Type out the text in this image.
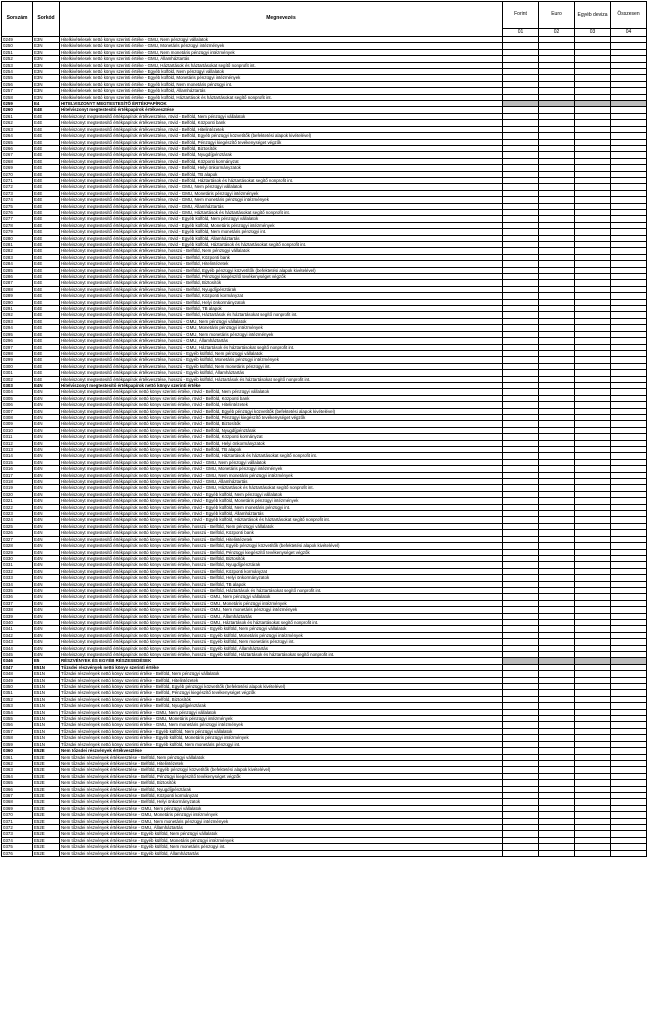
Sorszám	Sorkód	Megnevezés	Forint	Euro	Egyéb deviza	Összesen
			01	02	03	04
0249	E3N	Hitelkivételesek nettó könyv szerinti értéke - GMU, Nem pénzügyi vállalatok				
0250	E3N	Hitelkivételesek nettó könyv szerinti értéke - GMU, Monetáris pénzügyi intézmények				
0251	E3N	Hitelkivételesek nettó könyv szerinti értéke - GMU, Nem monetáris pénzügyi intézmények				
0252	E3N	Hitelkivételesek nettó könyv szerinti értéke - GMU, Államháztartás				
0253	E3N	Hitelkivételesek nettó könyv szerinti értéke - GMU, Háztartások és háztartásokat segítő nonprofit int.				
0254	E3N	Hitelkivételesek nettó könyv szerinti értéke - Egyéb külföld, Nem pénzügyi vállalatok				
0255	E3N	Hitelkivételesek nettó könyv szerinti értéke - Egyéb külföld, Monetáris pénzügyi intézmények				
0256	E3N	Hitelkivételesek nettó könyv szerinti értéke - Egyéb külföld, Nem monetáris pénzügyi int.				
0257	E3N	Hitelkivételesek nettó könyv szerinti értéke - Egyéb külföld, Államháztartás				
0258	E3N	Hitelkivételesek nettó könyv szerinti értéke - Egyéb külföld, Háztartások és háztartásokat segítő nonprofit int.				
0259	E4	HITELVISZONYT MEGTESTESÍTŐ ÉRTÉKPAPÍROK				
0260	E4E	Hitelviszonyt megtestesítő értékpapírok értékvesztése				
0261	E4E	Hitelviszonyt megtestesítő értékpapírok értékvesztése, rövid - Belföld, Nem pénzügyi vállalatok				
0262	E4E	Hitelviszonyt megtestesítő értékpapírok értékvesztése, rövid - Belföld, Központi bank				
0263	E4E	Hitelviszonyt megtestesítő értékpapírok értékvesztése, rövid - Belföld, Hitelintézetek				
0264	E4E	Hitelviszonyt megtestesítő értékpapírok értékvesztése, rövid - Belföld, Egyéb pénzügyi közvetítők (befektetési alapok kivételével)				
0265	E4E	Hitelviszonyt megtestesítő értékpapírok értékvesztése, rövid - Belföld, Pénzügyi kiegészítő tevékenységet végzők				
0266	E4E	Hitelviszonyt megtestesítő értékpapírok értékvesztése, rövid - Belföld, Biztosítók				
0267	E4E	Hitelviszonyt megtestesítő értékpapírok értékvesztése, rövid - Belföld, Nyugdíjpénztárak				
0268	E4E	Hitelviszonyt megtestesítő értékpapírok értékvesztése, rövid - Belföld, Központi kormányzat				
0269	E4E	Hitelviszonyt megtestesítő értékpapírok értékvesztése, rövid - Belföld, Helyi önkormányzatok				
0270	E4E	Hitelviszonyt megtestesítő értékpapírok értékvesztése, rövid - Belföld, TB alapok				
0271	E4E	Hitelviszonyt megtestesítő értékpapírok értékvesztése, rövid - Belföld, Háztartások és háztartásokat segítő nonprofit int.				
0272	E4E	Hitelviszonyt megtestesítő értékpapírok értékvesztése, rövid - GMU, Nem pénzügyi vállalatok				
0273	E4E	Hitelviszonyt megtestesítő értékpapírok értékvesztése, rövid - GMU, Monetáris pénzügyi intézmények				
0274	E4E	Hitelviszonyt megtestesítő értékpapírok értékvesztése, rövid - GMU, Nem monetáris pénzügyi intézmények				
0275	E4E	Hitelviszonyt megtestesítő értékpapírok értékvesztése, rövid - GMU, Államháztartás				
0276	E4E	Hitelviszonyt megtestesítő értékpapírok értékvesztése, rövid - GMU, Háztartások és háztartásokat segítő nonprofit int.				
0277	E4E	Hitelviszonyt megtestesítő értékpapírok értékvesztése, rövid - Egyéb külföld, Nem pénzügyi vállalatok				
0278	E4E	Hitelviszonyt megtestesítő értékpapírok értékvesztése, rövid - Egyéb külföld, Monetáris pénzügyi intézmények				
0279	E4E	Hitelviszonyt megtestesítő értékpapírok értékvesztése, rövid - Egyéb külföld, Nem monetáris pénzügyi int.				
0280	E4E	Hitelviszonyt megtestesítő értékpapírok értékvesztése, rövid - Egyéb külföld, Államháztartás				
0281	E4E	Hitelviszonyt megtestesítő értékpapírok értékvesztése, rövid - Egyéb külföld, Háztartások és háztartásokat segítő nonprofit int.				
0282	E4E	Hitelviszonyt megtestesítő értékpapírok értékvesztése, hosszú - Belföld, Nem pénzügyi vállalatok				
0283	E4E	Hitelviszonyt megtestesítő értékpapírok értékvesztése, hosszú - Belföld, Központi bank				
0284	E4E	Hitelviszonyt megtestesítő értékpapírok értékvesztése, hosszú - Belföld, Hitelintézetek				
0285	E4E	Hitelviszonyt megtestesítő értékpapírok értékvesztése, hosszú - Belföld, Egyéb pénzügyi közvetítők (befektetési alapok kivételével)				
0286	E4E	Hitelviszonyt megtestesítő értékpapírok értékvesztése, hosszú - Belföld, Pénzügyi kiegészítő tevékenységet végzők				
0287	E4E	Hitelviszonyt megtestesítő értékpapírok értékvesztése, hosszú - Belföld, Biztosítók				
0288	E4E	Hitelviszonyt megtestesítő értékpapírok értékvesztése, hosszú - Belföld, Nyugdíjpénztárak				
0289	E4E	Hitelviszonyt megtestesítő értékpapírok értékvesztése, hosszú - Belföld, Központi kormányzat				
0290	E4E	Hitelviszonyt megtestesítő értékpapírok értékvesztése, hosszú - Belföld, Helyi önkormányzatok				
0291	E4E	Hitelviszonyt megtestesítő értékpapírok értékvesztése, hosszú - Belföld, TB alapok				
0292	E4E	Hitelviszonyt megtestesítő értékpapírok értékvesztése, hosszú - Belföld, Háztartások és háztartásokat segítő nonprofit int.				
0293	E4E	Hitelviszonyt megtestesítő értékpapírok értékvesztése, hosszú - GMU, Nem pénzügyi vállalatok				
0294	E4E	Hitelviszonyt megtestesítő értékpapírok értékvesztése, hosszú - GMU, Monetáris pénzügyi intézmények				
0295	E4E	Hitelviszonyt megtestesítő értékpapírok értékvesztése, hosszú - GMU, Nem monetáris pénzügyi intézmények				
0296	E4E	Hitelviszonyt megtestesítő értékpapírok értékvesztése, hosszú - GMU, Államháztartás				
0297	E4E	Hitelviszonyt megtestesítő értékpapírok értékvesztése, hosszú - GMU, Háztartások és háztartásokat segítő nonprofit int.				
0298	E4E	Hitelviszonyt megtestesítő értékpapírok értékvesztése, hosszú - Egyéb külföld, Nem pénzügyi vállalatok				
0299	E4E	Hitelviszonyt megtestesítő értékpapírok értékvesztése, hosszú - Egyéb külföld, Monetáris pénzügyi intézmények				
0300	E4E	Hitelviszonyt megtestesítő értékpapírok értékvesztése, hosszú - Egyéb külföld, Nem monetáris pénzügyi int.				
0301	E4E	Hitelviszonyt megtestesítő értékpapírok értékvesztése, hosszú - Egyéb külföld, Államháztartás				
0302	E4E	Hitelviszonyt megtestesítő értékpapírok értékvesztése, hosszú - Egyéb külföld, Háztartások és háztartásokat segítő nonprofit int.				
0303	E4N	Hitelviszonyt megtestesítő értékpapírok nettó könyv szerinti értéke				
0304	E4N	Hitelviszonyt megtestesítő értékpapírok nettó könyv szerinti értéke, rövid - Belföld, Nem pénzügyi vállalatok				
0305	E4N	Hitelviszonyt megtestesítő értékpapírok nettó könyv szerinti értéke, rövid - Belföld, Központi bank				
0306	E4N	Hitelviszonyt megtestesítő értékpapírok nettó könyv szerinti értéke, rövid - Belföld, Hitelintézetek				
0307	E4N	Hitelviszonyt megtestesítő értékpapírok nettó könyv szerinti értéke, rövid - Belföld, Egyéb pénzügyi közvetítők (befektetési alapok kivételével)				
0308	E4N	Hitelviszonyt megtestesítő értékpapírok nettó könyv szerinti értéke, rövid - Belföld, Pénzügyi kiegészítő tevékenységet végzők				
0309	E4N	Hitelviszonyt megtestesítő értékpapírok nettó könyv szerinti értéke, rövid - Belföld, Biztosítók				
0310	E4N	Hitelviszonyt megtestesítő értékpapírok nettó könyv szerinti értéke, rövid - Belföld, Nyugdíjpénztárak				
0311	E4N	Hitelviszonyt megtestesítő értékpapírok nettó könyv szerinti értéke, rövid - Belföld, Központi kormányzat				
0312	E4N	Hitelviszonyt megtestesítő értékpapírok nettó könyv szerinti értéke, rövid - Belföld, Helyi önkormányzatok				
0313	E4N	Hitelviszonyt megtestesítő értékpapírok nettó könyv szerinti értéke, rövid - Belföld, TB alapok				
0314	E4N	Hitelviszonyt megtestesítő értékpapírok nettó könyv szerinti értéke, rövid - Belföld, Háztartások és háztartásokat segítő nonprofit int.				
0315	E4N	Hitelviszonyt megtestesítő értékpapírok nettó könyv szerinti értéke, rövid - GMU, Nem pénzügyi vállalatok				
0316	E4N	Hitelviszonyt megtestesítő értékpapírok nettó könyv szerinti értéke, rövid - GMU, Monetáris pénzügyi intézmények				
0317	E4N	Hitelviszonyt megtestesítő értékpapírok nettó könyv szerinti értéke, rövid - GMU, Nem monetáris pénzügyi intézmények				
0318	E4N	Hitelviszonyt megtestesítő értékpapírok nettó könyv szerinti értéke, rövid - GMU, Államháztartás				
0319	E4N	Hitelviszonyt megtestesítő értékpapírok nettó könyv szerinti értéke, rövid - GMU, Háztartások és háztartásokat segítő nonprofit int.				
0320	E4N	Hitelviszonyt megtestesítő értékpapírok nettó könyv szerinti értéke, rövid - Egyéb külföld, Nem pénzügyi vállalatok				
0321	E4N	Hitelviszonyt megtestesítő értékpapírok nettó könyv szerinti értéke, rövid - Egyéb külföld, Monetáris pénzügyi intézmények				
0322	E4N	Hitelviszonyt megtestesítő értékpapírok nettó könyv szerinti értéke, rövid - Egyéb külföld, Nem monetáris pénzügyi int.				
0323	E4N	Hitelviszonyt megtestesítő értékpapírok nettó könyv szerinti értéke, rövid - Egyéb külföld, Államháztartás				
0324	E4N	Hitelviszonyt megtestesítő értékpapírok nettó könyv szerinti értéke, rövid - Egyéb külföld, Háztartások és háztartásokat segítő nonprofit int.				
0325	E4N	Hitelviszonyt megtestesítő értékpapírok nettó könyv szerinti értéke, hosszú - Belföld, Nem pénzügyi vállalatok				
0326	E4N	Hitelviszonyt megtestesítő értékpapírok nettó könyv szerinti értéke, hosszú - Belföld, Központi bank				
0327	E4N	Hitelviszonyt megtestesítő értékpapírok nettó könyv szerinti értéke, hosszú - Belföld, Hitelintézetek				
0328	E4N	Hitelviszonyt megtestesítő értékpapírok nettó könyv szerinti értéke, hosszú - Belföld, Egyéb pénzügyi közvetítők (befektetési alapok kivételével)				
0329	E4N	Hitelviszonyt megtestesítő értékpapírok nettó könyv szerinti értéke, hosszú - Belföld, Pénzügyi kiegészítő tevékenységet végzők				
0330	E4N	Hitelviszonyt megtestesítő értékpapírok nettó könyv szerinti értéke, hosszú - Belföld, Biztosítók				
0331	E4N	Hitelviszonyt megtestesítő értékpapírok nettó könyv szerinti értéke, hosszú - Belföld, Nyugdíjpénztárak				
0332	E4N	Hitelviszonyt megtestesítő értékpapírok nettó könyv szerinti értéke, hosszú - Belföld, Központi kormányzat				
0333	E4N	Hitelviszonyt megtestesítő értékpapírok nettó könyv szerinti értéke, hosszú - Belföld, Helyi önkormányzatok				
0334	E4N	Hitelviszonyt megtestesítő értékpapírok nettó könyv szerinti értéke, hosszú - Belföld, TB alapok				
0335	E4N	Hitelviszonyt megtestesítő értékpapírok nettó könyv szerinti értéke, hosszú - Belföld, Háztartások és háztartásokat segítő nonprofit int.				
0336	E4N	Hitelviszonyt megtestesítő értékpapírok nettó könyv szerinti értéke, hosszú - GMU, Nem pénzügyi vállalatok				
0337	E4N	Hitelviszonyt megtestesítő értékpapírok nettó könyv szerinti értéke, hosszú - GMU, Monetáris pénzügyi intézmények				
0338	E4N	Hitelviszonyt megtestesítő értékpapírok nettó könyv szerinti értéke, hosszú - GMU, Nem monetáris pénzügyi intézmények				
0339	E4N	Hitelviszonyt megtestesítő értékpapírok nettó könyv szerinti értéke, hosszú - GMU, Államháztartás				
0340	E4N	Hitelviszonyt megtestesítő értékpapírok nettó könyv szerinti értéke, hosszú - GMU, Háztartások és háztartásokat segítő nonprofit int.				
0341	E4N	Hitelviszonyt megtestesítő értékpapírok nettó könyv szerinti értéke, hosszú - Egyéb külföld, Nem pénzügyi vállalatok				
0342	E4N	Hitelviszonyt megtestesítő értékpapírok nettó könyv szerinti értéke, hosszú - Egyéb külföld, Monetáris pénzügyi intézmények				
0343	E4N	Hitelviszonyt megtestesítő értékpapírok nettó könyv szerinti értéke, hosszú - Egyéb külföld, Nem monetáris pénzügyi int.				
0344	E4N	Hitelviszonyt megtestesítő értékpapírok nettó könyv szerinti értéke, hosszú - Egyéb külföld, Államháztartás				
0345	E4N	Hitelviszonyt megtestesítő értékpapírok nettó könyv szerinti értéke, hosszú - Egyéb külföld, Háztartások és háztartásokat segítő nonprofit int.				
0346	E5	RÉSZVÉNYEK ÉS EGYÉB RÉSZESEDÉSEK				
0347	E51N	Tőzsdei részvények nettó könyv szerinti értéke				
0348	E51N	Tőzsdei részvények nettó könyv szerinti értéke - Belföld, Nem pénzügyi vállalatok				
0349	E51N	Tőzsdei részvények nettó könyv szerinti értéke - Belföld, Hitelintézetek				
0350	E51N	Tőzsdei részvények nettó könyv szerinti értéke - Belföld, Egyéb pénzügyi közvetítők (befektetési alapok kivételével)				
0351	E51N	Tőzsdei részvények nettó könyv szerinti értéke - Belföld, Pénzügyi kiegészítő tevékenységet végzők				
0352	E51N	Tőzsdei részvények nettó könyv szerinti értéke - Belföld, Biztosítók				
0353	E51N	Tőzsdei részvények nettó könyv szerinti értéke - Belföld, Nyugdíjpénztárak				
0354	E51N	Tőzsdei részvények nettó könyv szerinti értéke - GMU, Nem pénzügyi vállalatok				
0355	E51N	Tőzsdei részvények nettó könyv szerinti értéke - GMU, Monetáris pénzügyi intézmények				
0356	E51N	Tőzsdei részvények nettó könyv szerinti értéke - GMU, Nem monetáris pénzügyi intézmények				
0357	E51N	Tőzsdei részvények nettó könyv szerinti értéke - Egyéb külföld, Nem pénzügyi vállalatok				
0358	E51N	Tőzsdei részvények nettó könyv szerinti értéke - Egyéb külföld, Monetáris pénzügyi intézmények				
0359	E51N	Tőzsdei részvények nettó könyv szerinti értéke - Egyéb külföld, Nem monetáris pénzügyi int.				
0360	E52E	Nem tőzsdei részvények értékvesztése				
0361	E52E	Nem tőzsdei részvények értékvesztése - Belföld, Nem pénzügyi vállalatok				
0362	E52E	Nem tőzsdei részvények értékvesztése - Belföld, Hitelintézetek				
0363	E52E	Nem tőzsdei részvények értékvesztése - Belföld, Egyéb pénzügyi közvetítők (befektetési alapok kivételével)				
0364	E52E	Nem tőzsdei részvények értékvesztése - Belföld, Pénzügyi kiegészítő tevékenységet végzők				
0365	E52E	Nem tőzsdei részvények értékvesztése - Belföld, Biztosítók				
0366	E52E	Nem tőzsdei részvények értékvesztése - Belföld, Nyugdíjpénztárak				
0367	E52E	Nem tőzsdei részvények értékvesztése - Belföld, Központi kormányzat				
0368	E52E	Nem tőzsdei részvények értékvesztése - Belföld, Helyi önkormányzatok				
0369	E52E	Nem tőzsdei részvények értékvesztése - GMU, Nem pénzügyi vállalatok				
0370	E52E	Nem tőzsdei részvények értékvesztése - GMU, Monetáris pénzügyi intézmények				
0371	E52E	Nem tőzsdei részvények értékvesztése - GMU, Nem monetáris pénzügyi intézmények				
0372	E52E	Nem tőzsdei részvények értékvesztése - GMU, Államháztartás				
0373	E52E	Nem tőzsdei részvények értékvesztése - Egyéb külföld, Nem pénzügyi vállalatok				
0374	E52E	Nem tőzsdei részvények értékvesztése - Egyéb külföld, Monetáris pénzügyi intézmények				
0375	E52E	Nem tőzsdei részvények értékvesztése - Egyéb külföld, Nem monetáris pénzügyi int.				
0376	E52E	Nem tőzsdei részvények értékvesztése - Egyéb külföld, Államháztartás				
